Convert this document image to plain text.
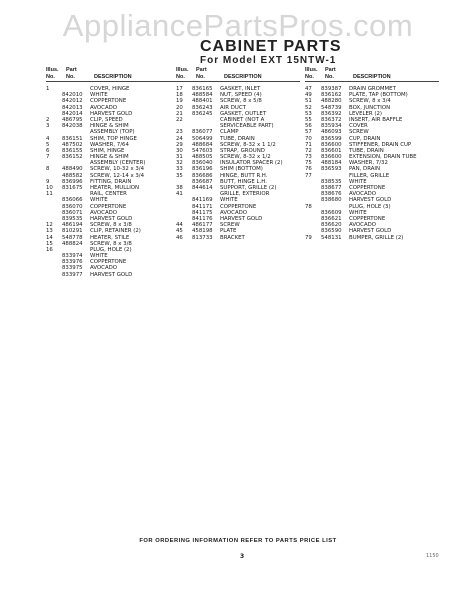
AppliancePartsPros.com
CABINET PARTS
For Model EXT 15NTW-1
Illus.	Part
No. No.	DESCRIPTION
1	COVER, HINGE
842010 WHITE
842012 COPPERTONE
842013 AVOCADO
842014 HARVEST GOLD
2 486795 CLIP, SPEED
3 842038 HINGE & SHIM
ASSEMBLY (TOP)
4 836151 SHIM, TOP HINGE
5 487502 WASHER, 7/64
6 836155 SHIM, HINGE
7 836152 HINGE & SHIM
ASSEMBLY (CENTER)
8 488490 SCREW, 10-32 x 3/4
488582 SCREW, 12-14 x 3/4
9 836996 FITTING, DRAIN
10 831675 HEATER, MULLION
11	RAIL, CENTER
836066 WHITE
836070 COPPERTONE
836071 AVOCADO
839535 HARVEST GOLD
12 486194 SCREW, 8 x 3/8
13 810291 CLIP, RETAINER (2)
14 548778 HEATER, STILE
15 488824 SCREW, 8 x 3/8
16	PLUG, HOLE (2)
833974 WHITE
833976 COPPERTONE
833975 AVOCADO
833977 HARVEST GOLD
Illus.	Part
No. No.	DESCRIPTION
17 836165 GASKET, INLET
18 488584 NUT, SPEED (4)
19 488401 SCREW, 8 x 5/8
20 836243 AIR DUCT
21 836245 GASKET, OUTLET
22	CABINET (NOT A
SERVICEABLE PART)
23 836077 CLAMP
24 506499 TUBE, DRAIN
29 488684 SCREW, 8-32 x 1 1/2
30 547603 STRAP, GROUND
31 488505 SCREW, 8-32 x 1/2
32 836040 INSULATOR SPACER (2)
33 836196 SHIM (BOTTOM)
35 836686 HINGE, BUTT R.H.
836687 BUTT, HINGE L.H.
38 844614 SUPPORT, GRILLE (2)
41	GRILLE, EXTERIOR
841169 WHITE
841171 COPPERTONE
841175 AVOCADO
841176 HARVEST GOLD
44 486177 SCREW
45 458198 PLATE
46 813733 BRACKET
Illus.	Part
No. No.	DESCRIPTION
47 839387 DRAIN GROMMET
49 836162 PLATE, TAP (BOTTOM)
51 488280 SCREW, 8 x 3/4
52 548739 BOX, JUNCTION
53 836392 LEVELER (2)
55 836372 INSERT, AIR BAFFLE
56 835934 COVER
57 486093 SCREW
70 836599 CUP, DRAIN
71 836600 STIFFENER, DRAIN CUP
72 836601 TUBE, DRAIN
73 836600 EXTENSION, DRAIN TUBE
75 488184 WASHER, 7/32
76 836593 PAN, DRAIN
77	FILLER, GRILLE
838535 WHITE
838677 COPPERTONE
838676 AVOCADO
838680 HARVEST GOLD
78	PLUG, HOLE (3)
836609 WHITE
836621 COPPERTONE
836620 AVOCADO
836590 HARVEST GOLD
79 548131 BUMPER, GRILLE (2)
FOR ORDERING INFORMATION REFER TO PARTS PRICE LIST
3	1150
